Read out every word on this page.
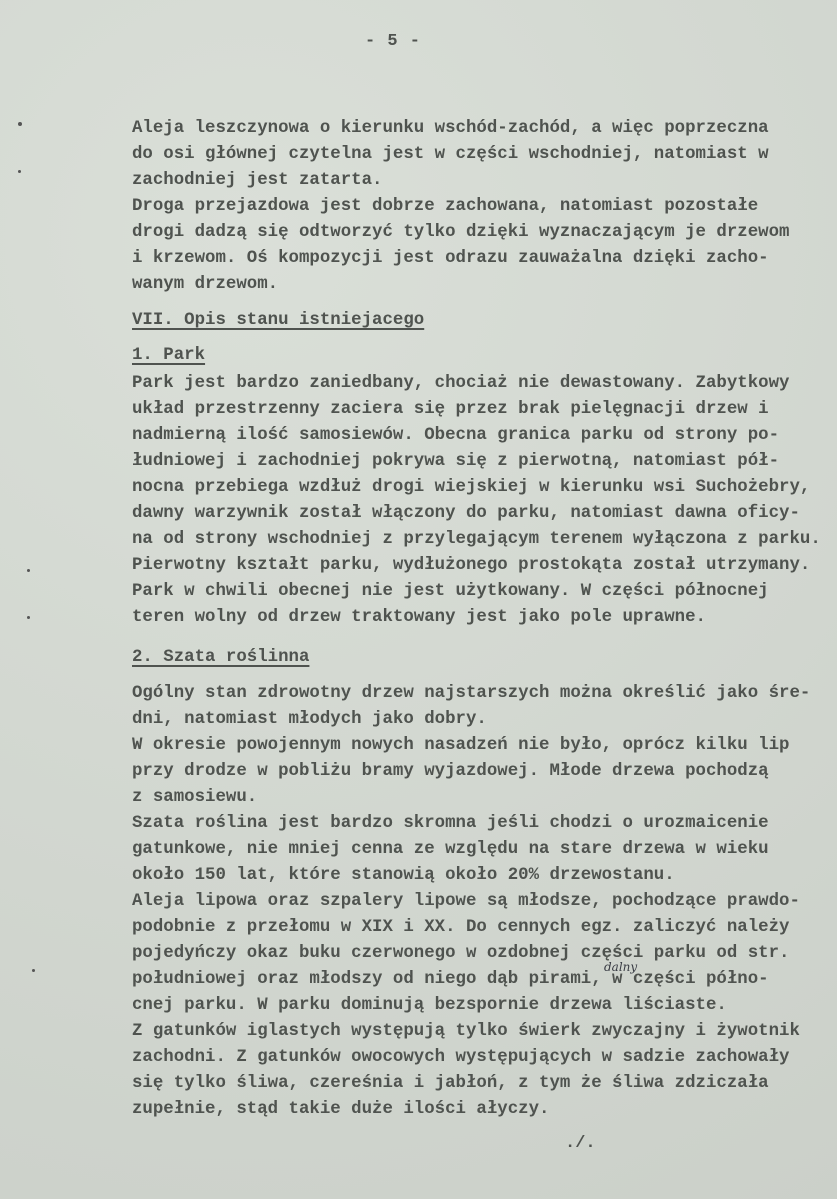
- 5 -
Aleja leszczynowa o kierunku wschód-zachód, a więc poprzeczna
do osi głównej czytelna jest w części wschodniej, natomiast w
zachodniej jest zatarta.
Droga przejazdowa jest dobrze zachowana, natomiast pozostałe
drogi dadzą się odtworzyć tylko dzięki wyznaczającym je drzewom
i krzewom. Oś kompozycji jest odrazu zauważalna dzięki zacho-
wanym drzewom.
VII. Opis stanu istniejacego
1. Park
Park jest bardzo zaniedbany, chociaż nie dewastowany. Zabytkowy
układ przestrzenny zaciera się przez brak pielęgnacji drzew i
nadmierną ilość samosiewów. Obecna granica parku od strony po-
łudniowej i zachodniej pokrywa się z pierwotną, natomiast pół-
nocna przebiega wzdłuż drogi wiejskiej w kierunku wsi Suchożebry,
dawny warzywnik został włączony do parku, natomiast dawna oficy-
na od strony wschodniej z przylegającym terenem wyłączona z parku.
Pierwotny kształt parku, wydłużonego prostokąta został utrzymany.
Park w chwili obecnej nie jest użytkowany. W części północnej
teren wolny od drzew traktowany jest jako pole uprawne.
2. Szata roślinna
Ogólny stan zdrowotny drzew najstarszych można określić jako śre-
dni, natomiast młodych jako dobry.
W okresie powojennym nowych nasadzeń nie było, oprócz kilku lip
przy drodze w pobliżu bramy wyjazdowej. Młode drzewa pochodzą
z samosiewu.
Szata roślina jest bardzo skromna jeśli chodzi o urozmaicenie
gatunkowe, nie mniej cenna ze względu na stare drzewa w wieku
około 150 lat, które stanowią około 20% drzewostanu.
Aleja lipowa oraz szpalery lipowe są młodsze, pochodzące prawdo-
podobnie z przełomu w XIX i XX. Do cennych egz. zaliczyć należy
pojedyńczy okaz buku czerwonego w ozdobnej części parku od str.
południowej oraz młodszy od niego dąb pirami, w części półno-
cnej parku. W parku dominują bezspornie drzewa liściaste.
Z gatunków iglastych występują tylko świerk zwyczajny i żywotnik
zachodni. Z gatunków owocowych występujących w sadzie zachowały
się tylko śliwa, czereśnia i jabłoń, z tym że śliwa zdziczała
zupełnie, stąd takie duże ilości ałyczy.
dalny
./.
